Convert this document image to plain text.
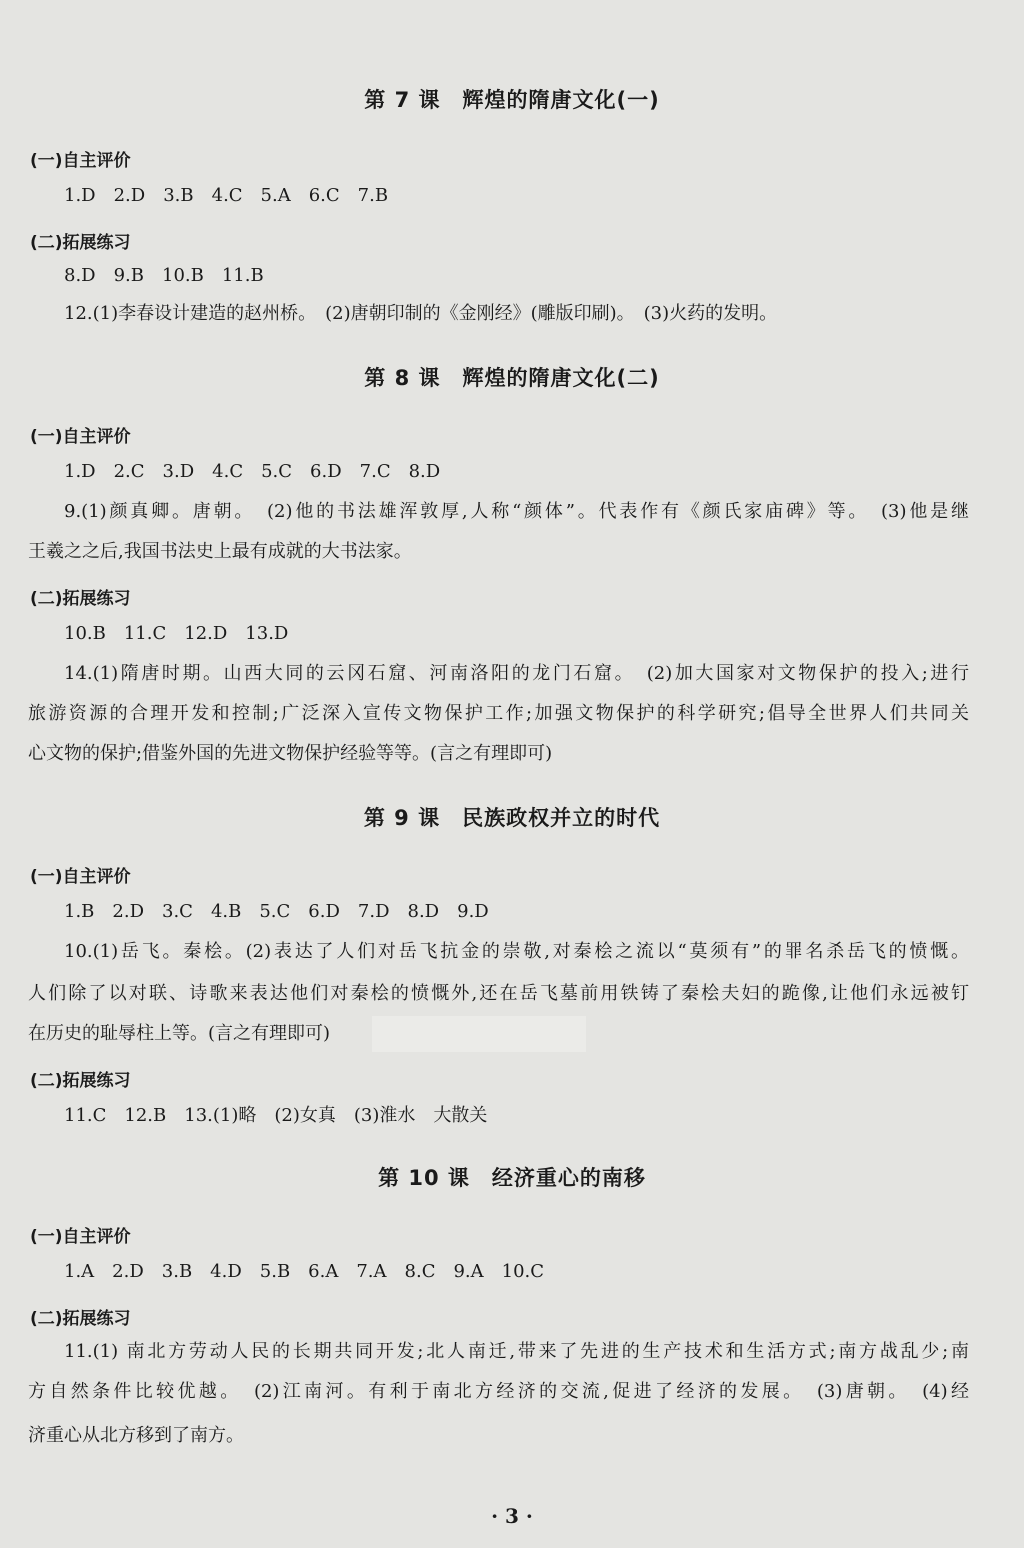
第 7 课　辉煌的隋唐文化(一)
(一)自主评价
1.D　2.D　3.B　4.C　5.A　6.C　7.B
(二)拓展练习
8.D　9.B　10.B　11.B
12.(1)李春设计建造的赵州桥。　(2)唐朝印制的《金刚经》(雕版印刷)。　(3)火药的发明。
第 8 课　辉煌的隋唐文化(二)
(一)自主评价
1.D　2.C　3.D　4.C　5.C　6.D　7.C　8.D
9.(1)颜真卿。唐朝。　(2)他的书法雄浑敦厚,人称“颜体”。代表作有《颜氏家庙碑》等。　(3)他是继
王羲之之后,我国书法史上最有成就的大书法家。
(二)拓展练习
10.B　11.C　12.D　13.D
14.(1)隋唐时期。山西大同的云冈石窟、河南洛阳的龙门石窟。　(2)加大国家对文物保护的投入;进行
旅游资源的合理开发和控制;广泛深入宣传文物保护工作;加强文物保护的科学研究;倡导全世界人们共同关
心文物的保护;借鉴外国的先进文物保护经验等等。(言之有理即可)
第 9 课　民族政权并立的时代
(一)自主评价
1.B　2.D　3.C　4.B　5.C　6.D　7.D　8.D　9.D
10.(1)岳飞。秦桧。(2)表达了人们对岳飞抗金的崇敬,对秦桧之流以“莫须有”的罪名杀岳飞的愤慨。
人们除了以对联、诗歌来表达他们对秦桧的愤慨外,还在岳飞墓前用铁铸了秦桧夫妇的跪像,让他们永远被钉
在历史的耻辱柱上等。(言之有理即可)
(二)拓展练习
11.C　12.B　13.(1)略　(2)女真　(3)淮水　大散关
第 10 课　经济重心的南移
(一)自主评价
1.A　2.D　3.B　4.D　5.B　6.A　7.A　8.C　9.A　10.C
(二)拓展练习
11.(1) 南北方劳动人民的长期共同开发;北人南迁,带来了先进的生产技术和生活方式;南方战乱少;南
方自然条件比较优越。　(2)江南河。有利于南北方经济的交流,促进了经济的发展。　(3)唐朝。　(4)经
济重心从北方移到了南方。
· 3 ·
